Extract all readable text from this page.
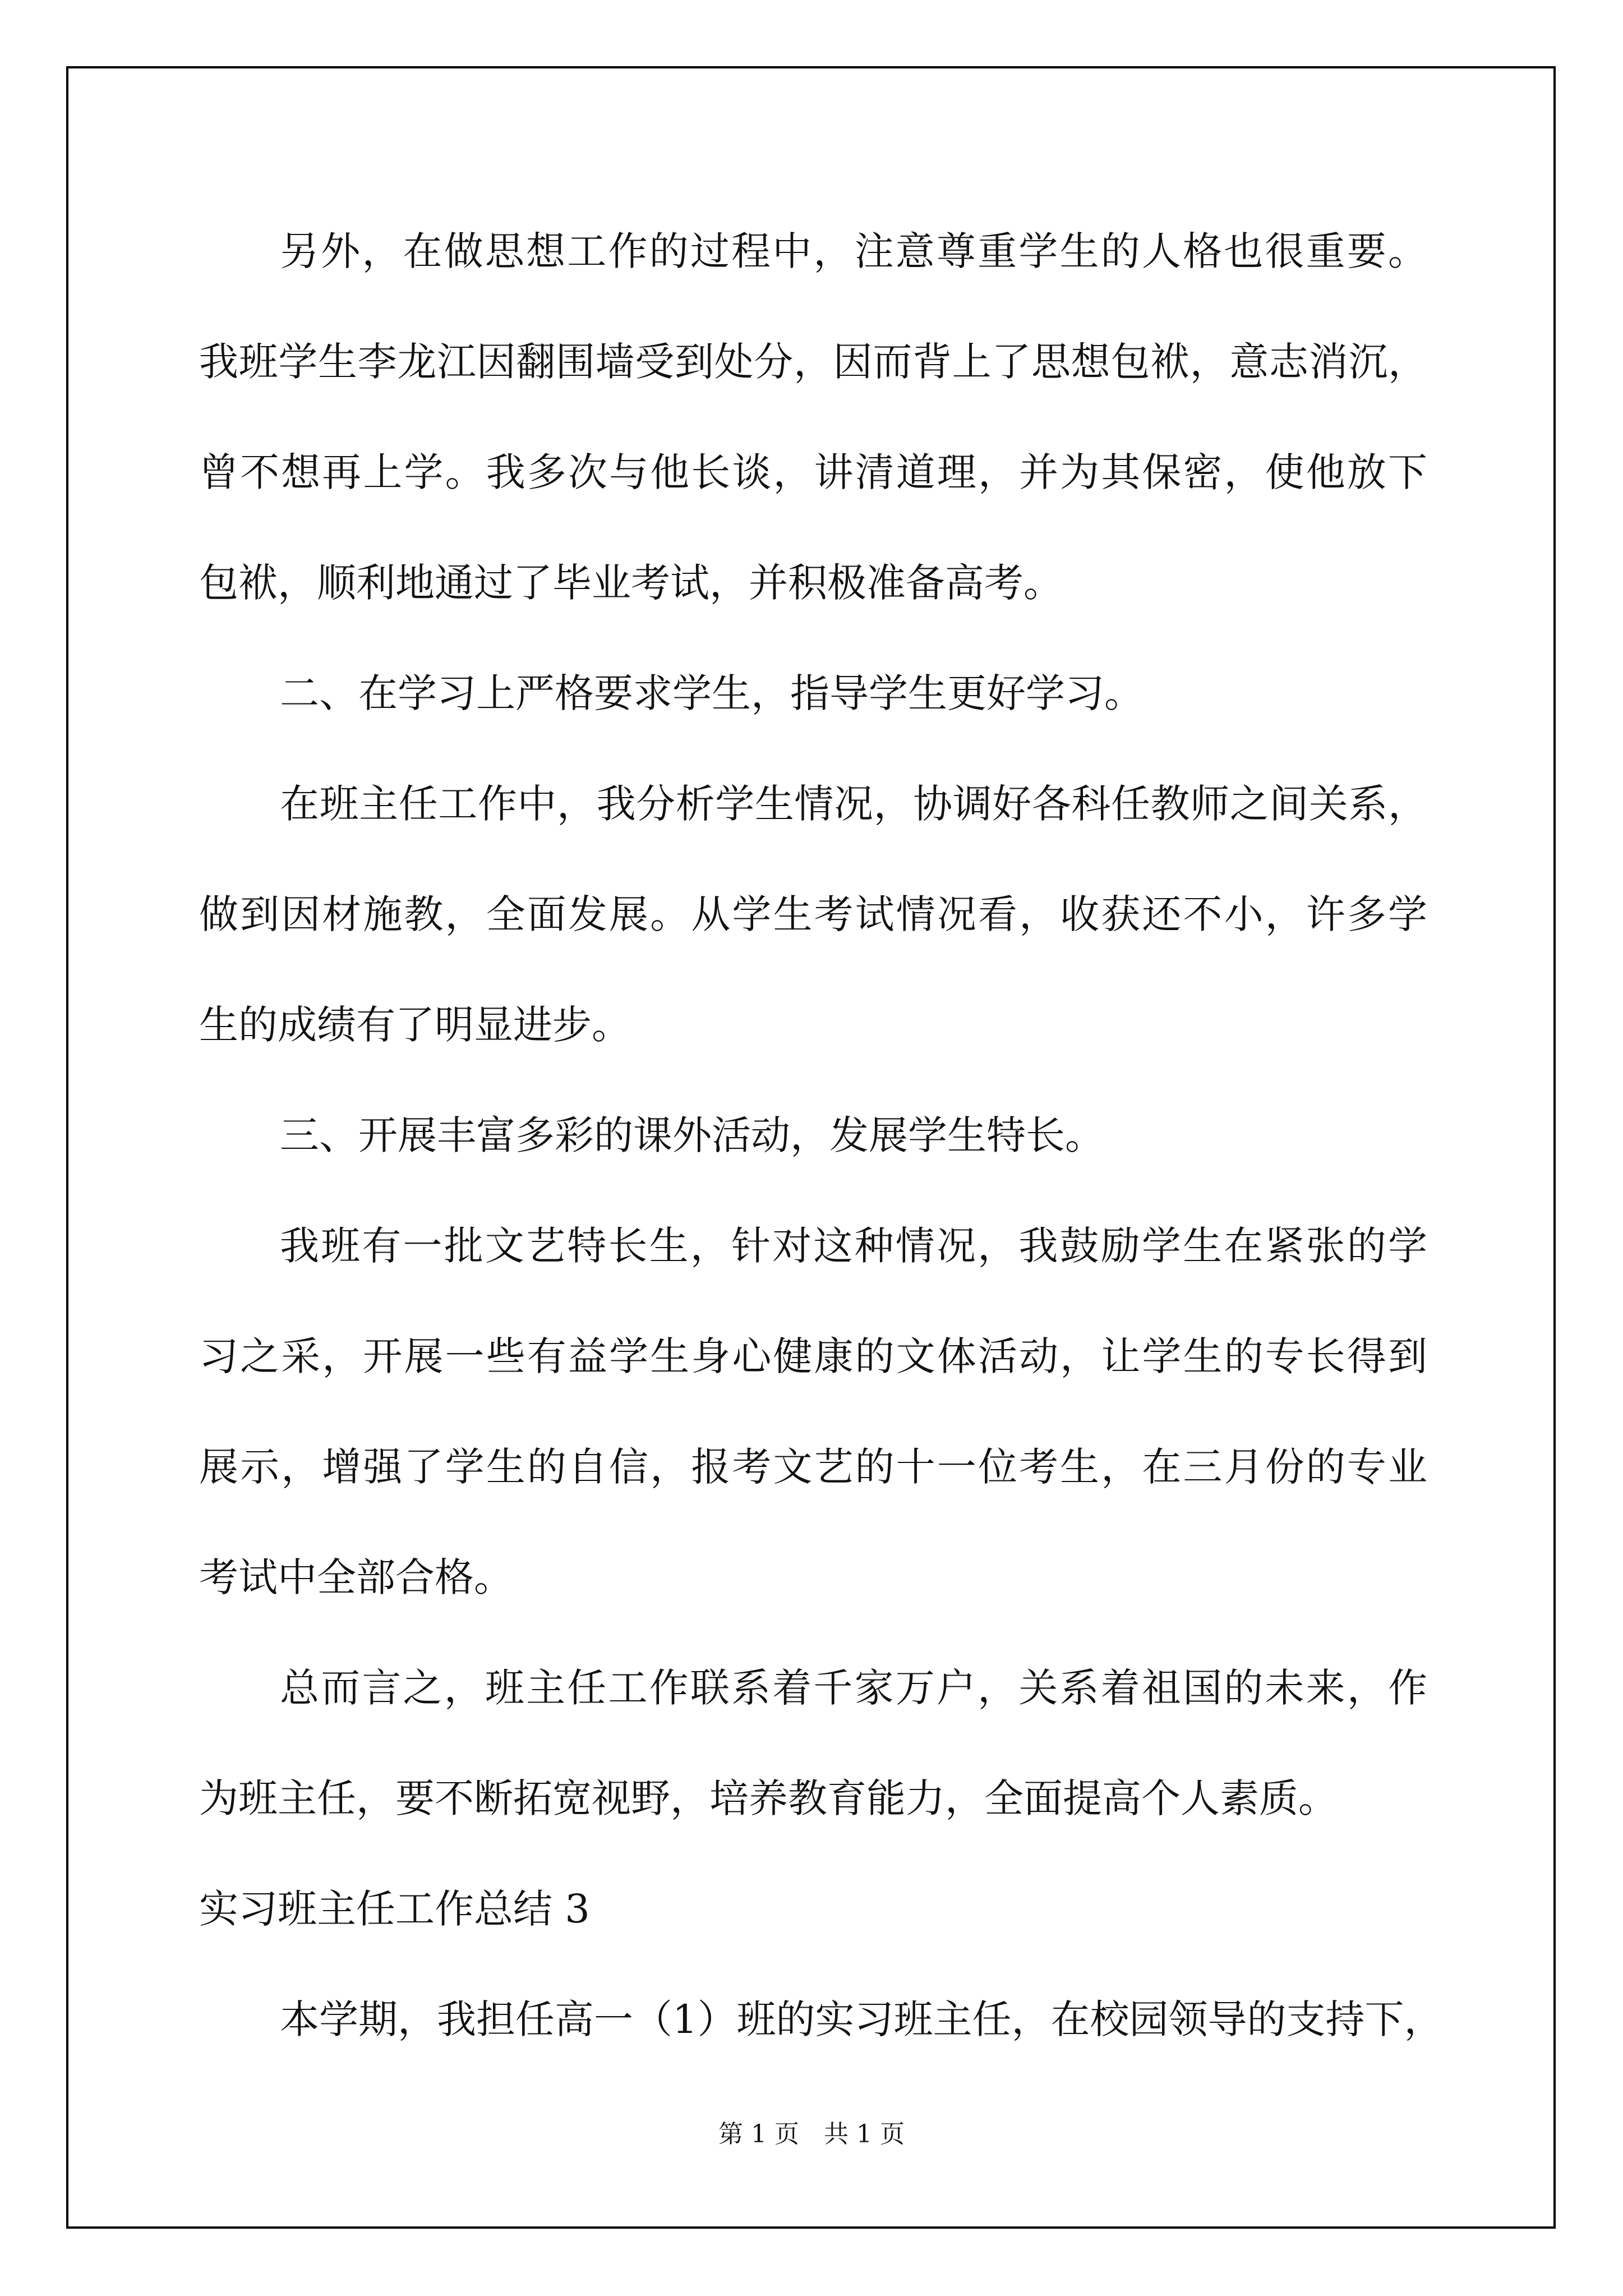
另外，在做思想工作的过程中，注意尊重学生的人格也很重要。
我班学生李龙江因翻围墙受到处分，因而背上了思想包袱，意志消沉，
曾不想再上学。我多次与他长谈，讲清道理，并为其保密，使他放下
包袱，顺利地通过了毕业考试，并积极准备高考。
二、在学习上严格要求学生，指导学生更好学习。
在班主任工作中，我分析学生情况，协调好各科任教师之间关系，
做到因材施教，全面发展。从学生考试情况看，收获还不小，许多学
生的成绩有了明显进步。
三、开展丰富多彩的课外活动，发展学生特长。
我班有一批文艺特长生，针对这种情况，我鼓励学生在紧张的学
习之采，开展一些有益学生身心健康的文体活动，让学生的专长得到
展示，增强了学生的自信，报考文艺的十一位考生，在三月份的专业
考试中全部合格。
总而言之，班主任工作联系着千家万户，关系着祖国的未来，作
为班主任，要不断拓宽视野，培养教育能力，全面提高个人素质。
实习班主任工作总结 3
本学期，我担任高一（1）班的实习班主任，在校园领导的支持下，
第 1 页　共 1 页
